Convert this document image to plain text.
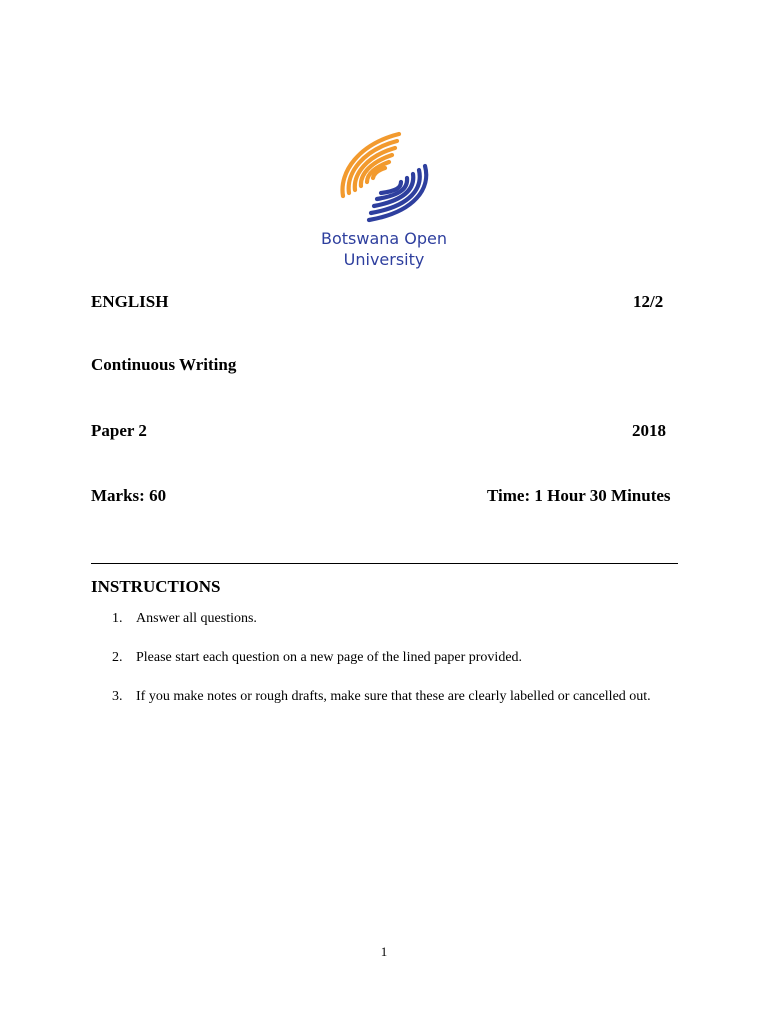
Botswana Open
University
ENGLISH	12/2
Continuous Writing
Paper 2	2018
Marks: 60	Time: 1 Hour 30 Minutes
INSTRUCTIONS
1. Answer all questions.
2. Please start each question on a new page of the lined paper provided.
3. If you make notes or rough drafts, make sure that these are clearly labelled or cancelled out.
1
